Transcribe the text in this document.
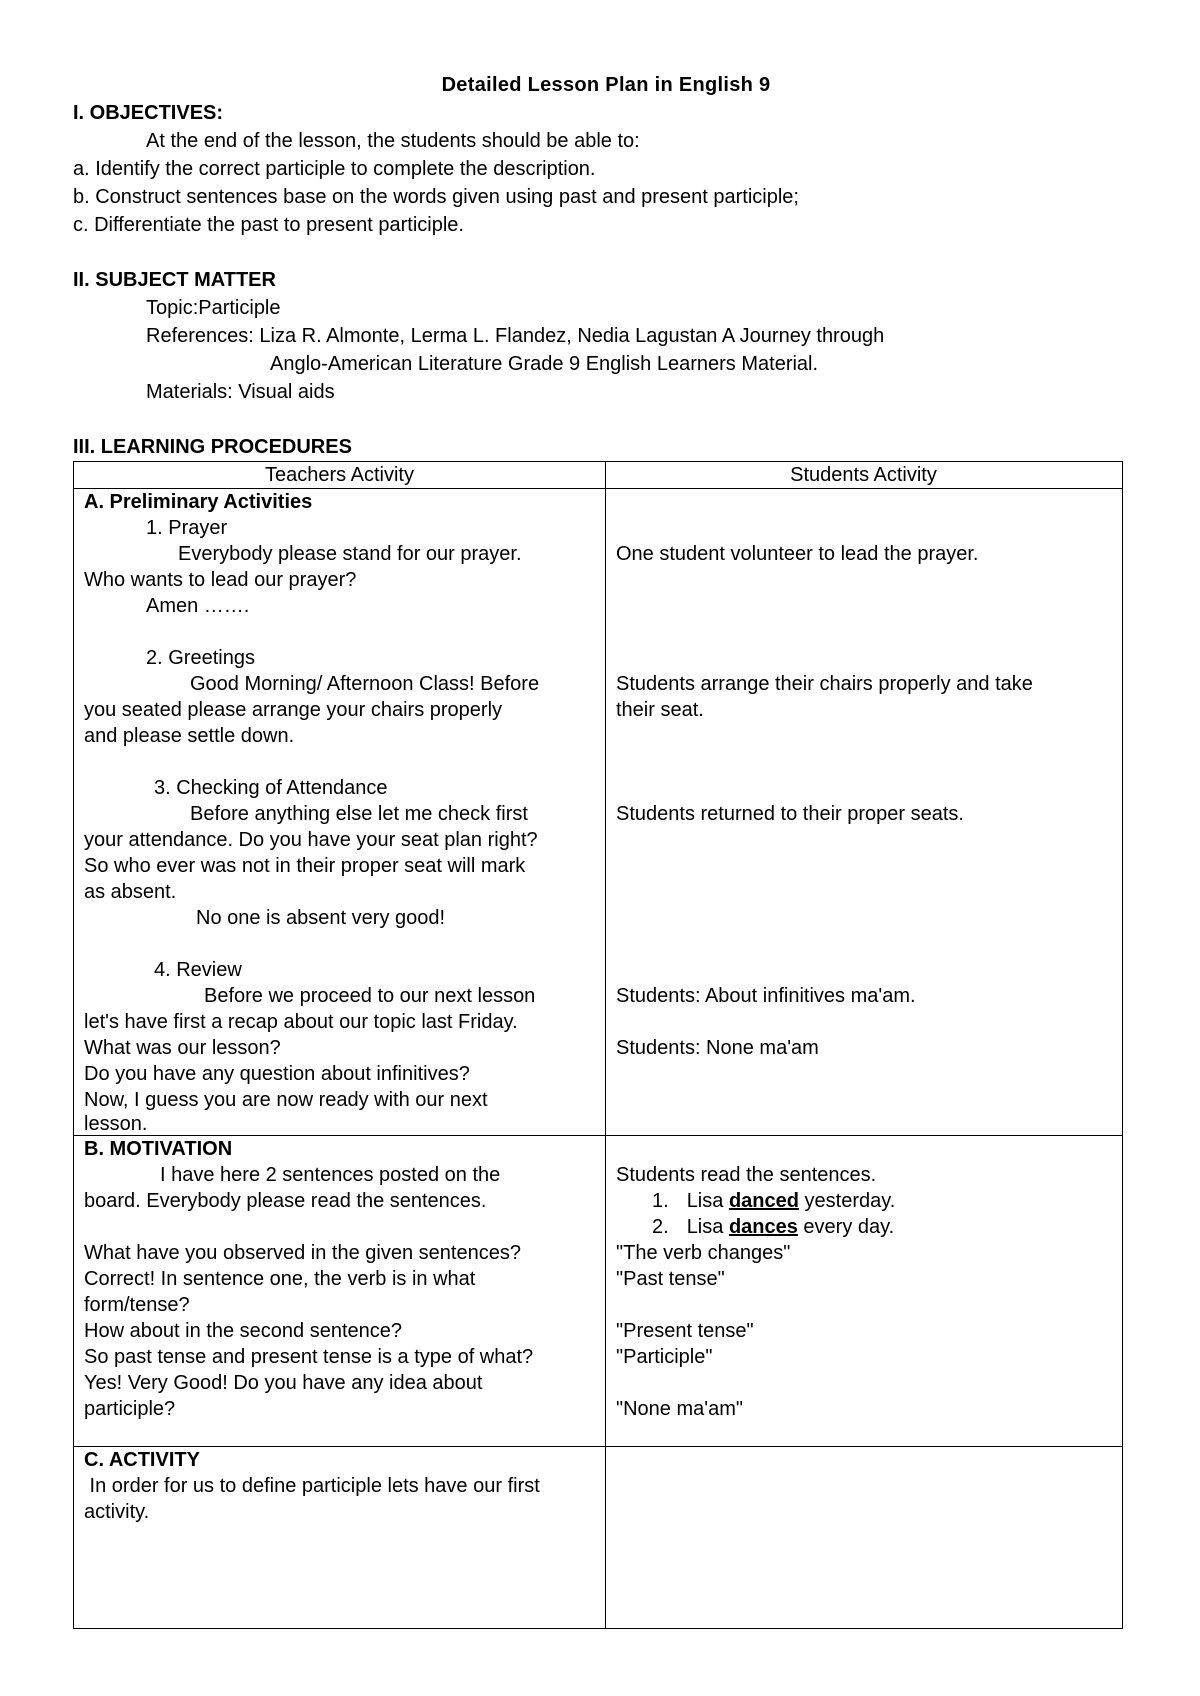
Detailed Lesson Plan in English 9
I. OBJECTIVES:
At the end of the lesson, the students should be able to:
a. Identify the correct participle to complete the description.
b. Construct sentences base on the words given using past and present participle;
c. Differentiate the past to present participle.
II. SUBJECT MATTER
Topic:Participle
References: Liza R. Almonte, Lerma L. Flandez, Nedia Lagustan A Journey through
Anglo-American Literature Grade 9 English Learners Material.
Materials: Visual aids
III. LEARNING PROCEDURES
Teachers Activity	Students Activity
A. Preliminary Activities
1. Prayer
Everybody please stand for our prayer.
Who wants to lead our prayer?
Amen …….
One student volunteer to lead the prayer.
2. Greetings
Good Morning/ Afternoon Class! Before
you seated please arrange your chairs properly
and please settle down.
Students arrange their chairs properly and take
their seat.
3. Checking of Attendance
Before anything else let me check first
your attendance. Do you have your seat plan right?
So who ever was not in their proper seat will mark
as absent.
No one is absent very good!
Students returned to their proper seats.
4. Review
Before we proceed to our next lesson
let's have first a recap about our topic last Friday.
What was our lesson?
Do you have any question about infinitives?
Now, I guess you are now ready with our next
lesson.
Students: About infinitives ma'am.
Students: None ma'am
B. MOTIVATION
I have here 2 sentences posted on the
board. Everybody please read the sentences.
What have you observed in the given sentences?
Correct! In sentence one, the verb is in what
form/tense?
How about in the second sentence?
So past tense and present tense is a type of what?
Yes! Very Good! Do you have any idea about
participle?
Students read the sentences.
1. Lisa danced yesterday.
2. Lisa dances every day.
"The verb changes"
"Past tense"
"Present tense"
"Participle"
"None ma'am"
C. ACTIVITY
In order for us to define participle lets have our first
activity.
